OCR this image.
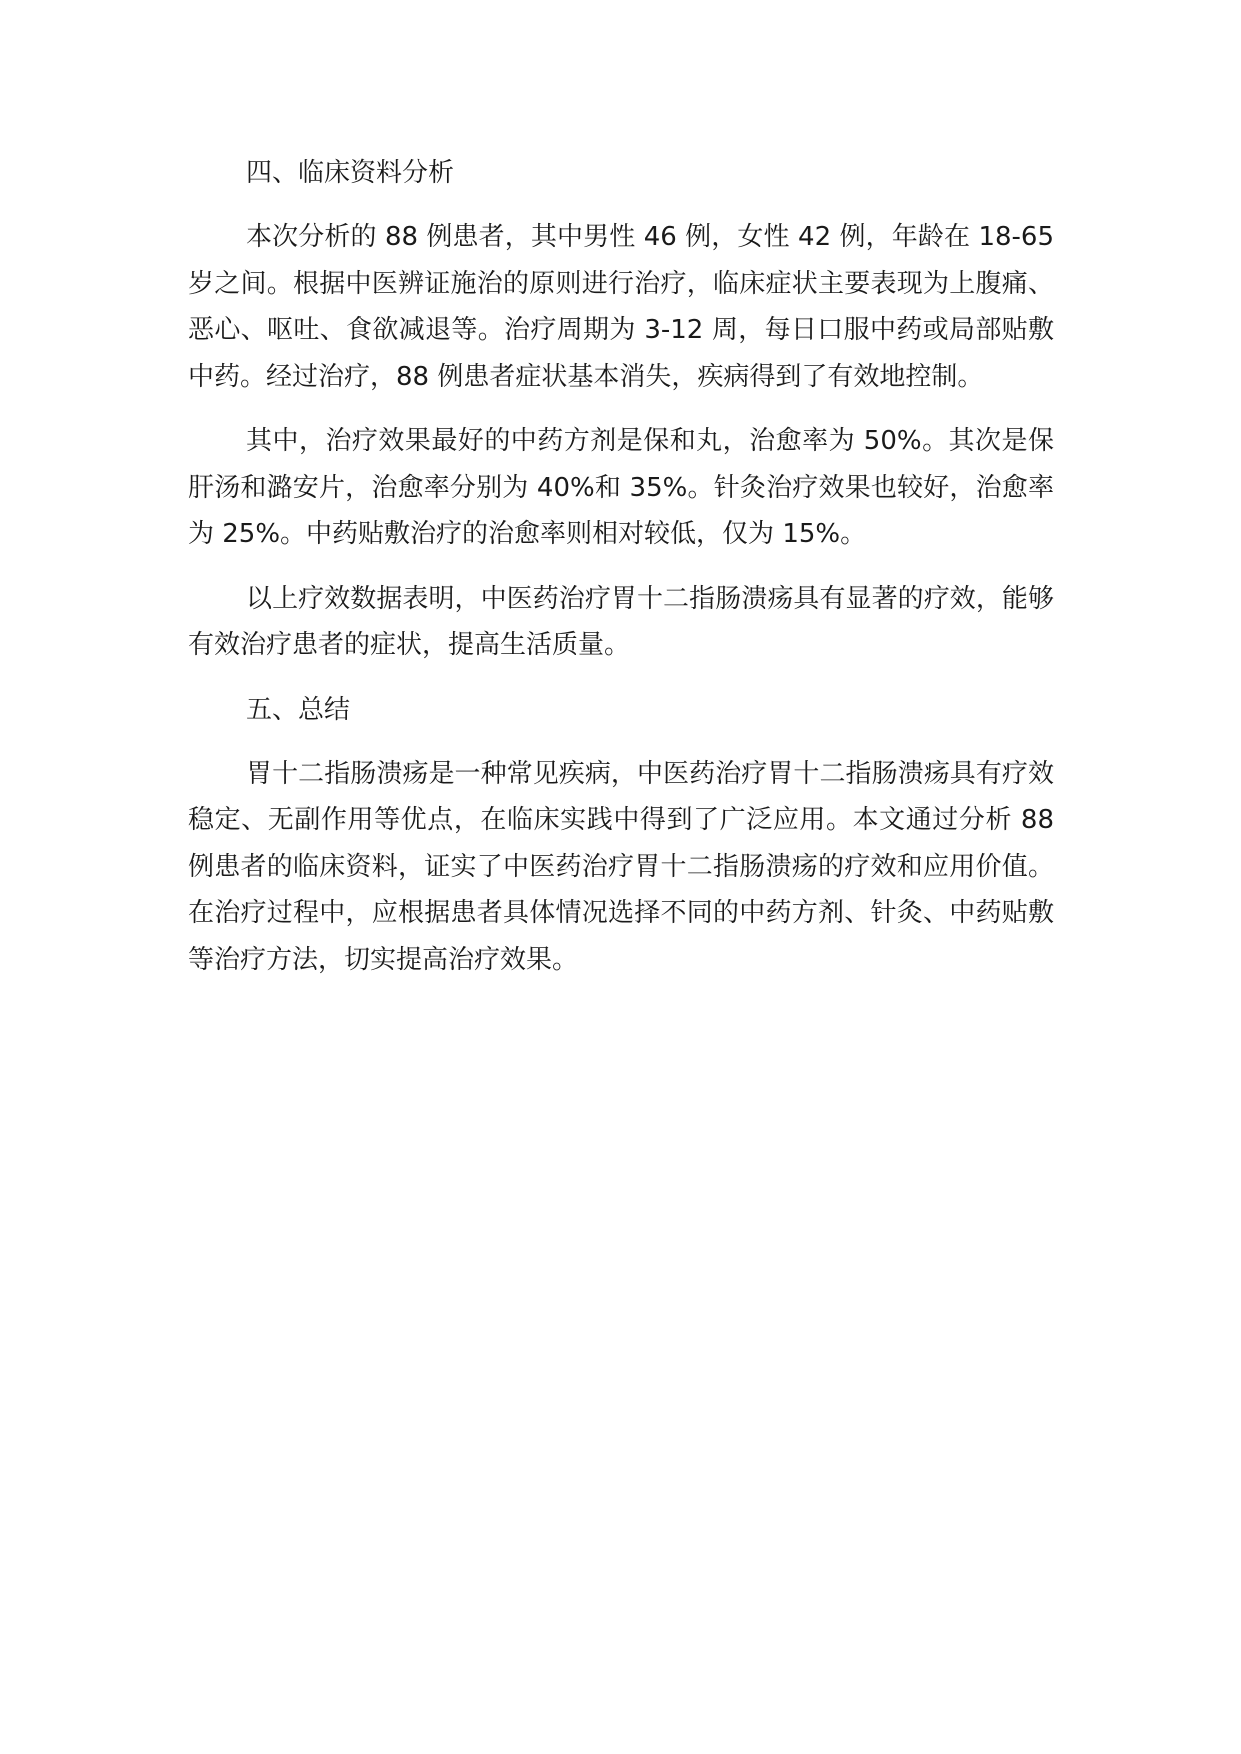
四、临床资料分析

本次分析的 88 例患者，其中男性 46 例，女性 42 例，年龄在 18-65 岁之间。根据中医辨证施治的原则进行治疗，临床症状主要表现为上腹痛、恶心、呕吐、食欲减退等。治疗周期为 3-12 周，每日口服中药或局部贴敷中药。经过治疗，88 例患者症状基本消失，疾病得到了有效地控制。

其中，治疗效果最好的中药方剂是保和丸，治愈率为 50%。其次是保肝汤和潞安片，治愈率分别为 40%和 35%。针灸治疗效果也较好，治愈率为 25%。中药贴敷治疗的治愈率则相对较低，仅为 15%。

以上疗效数据表明，中医药治疗胃十二指肠溃疡具有显著的疗效，能够有效治疗患者的症状，提高生活质量。

五、总结

胃十二指肠溃疡是一种常见疾病，中医药治疗胃十二指肠溃疡具有疗效稳定、无副作用等优点，在临床实践中得到了广泛应用。本文通过分析 88 例患者的临床资料，证实了中医药治疗胃十二指肠溃疡的疗效和应用价值。在治疗过程中，应根据患者具体情况选择不同的中药方剂、针灸、中药贴敷等治疗方法，切实提高治疗效果。
